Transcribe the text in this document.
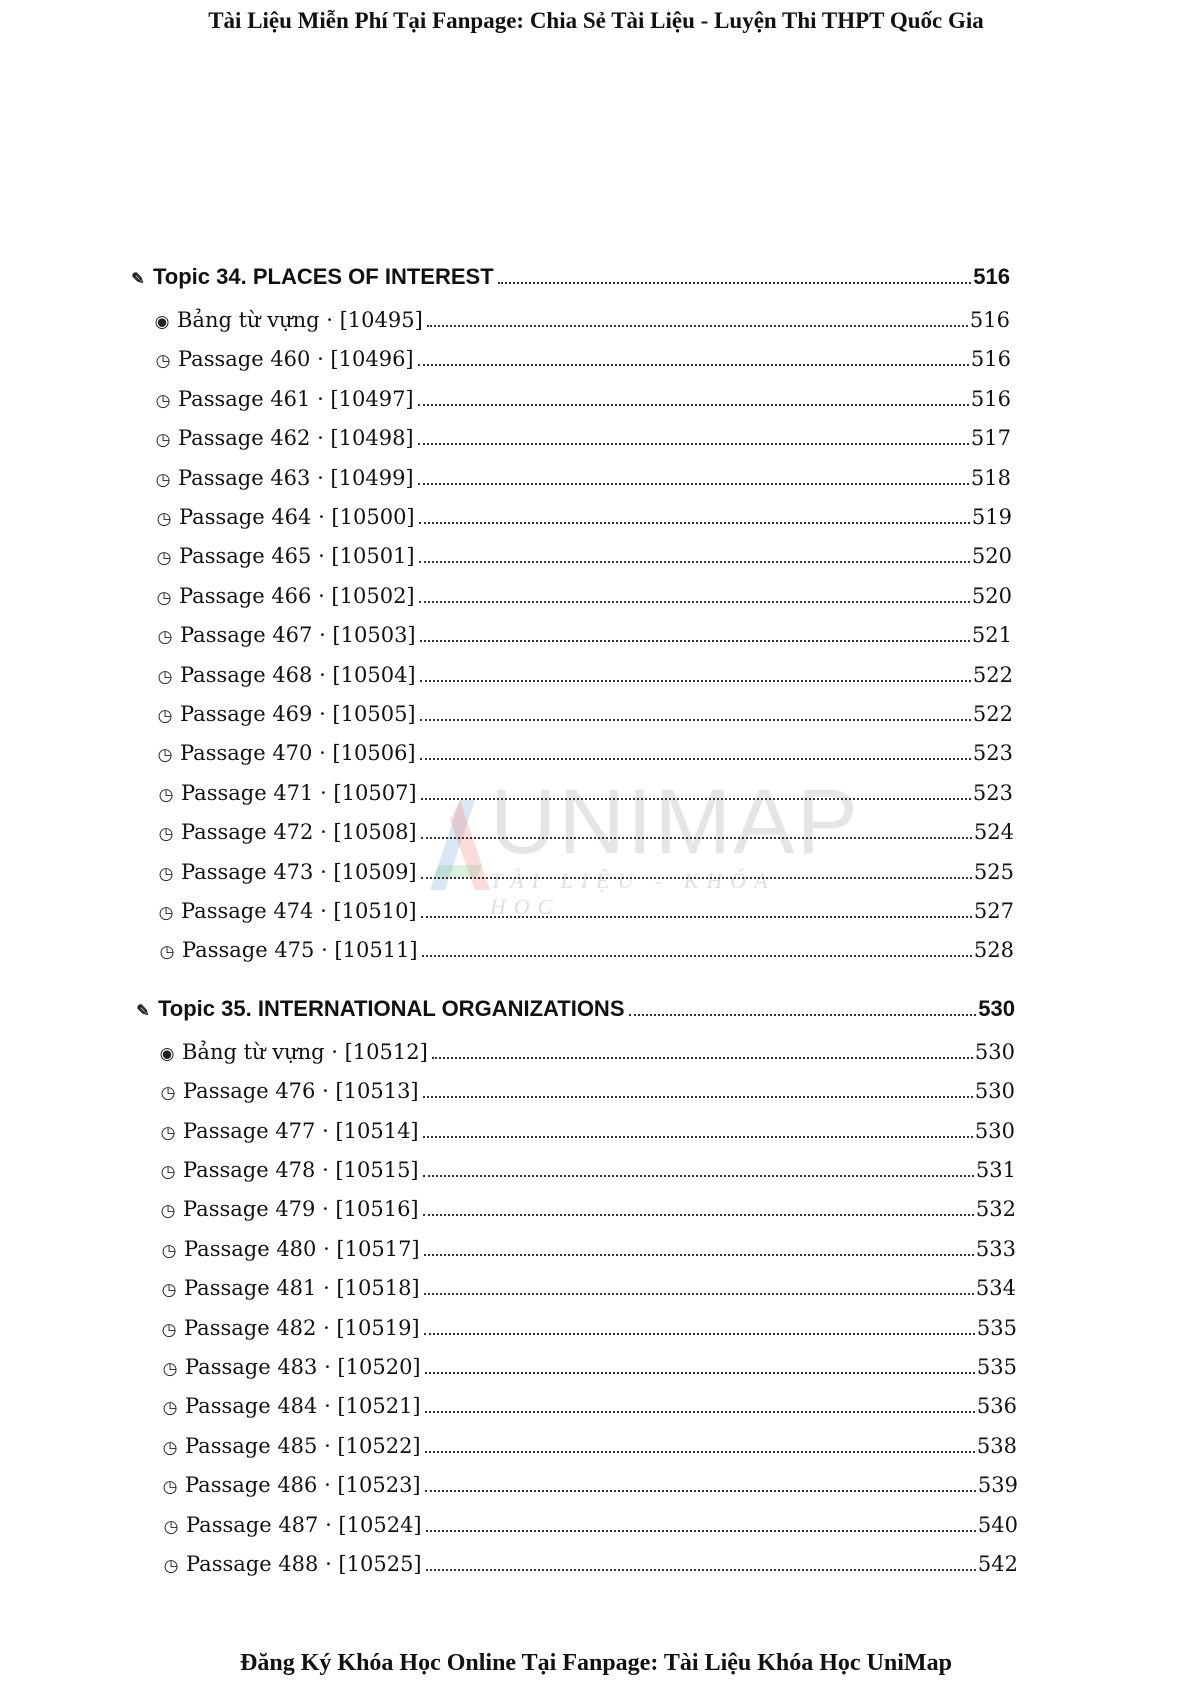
Tài Liệu Miễn Phí Tại Fanpage: Chia Sẻ Tài Liệu - Luyện Thi THPT Quốc Gia
UNIMAP
TÀI LIỆU - KHÓA HỌC
✎ Topic 34. PLACES OF INTEREST	516
◉ Bảng từ vựng · [10495]	516
◷ Passage 460 · [10496]	516
◷ Passage 461 · [10497]	516
◷ Passage 462 · [10498]	517
◷ Passage 463 · [10499]	518
◷ Passage 464 · [10500]	519
◷ Passage 465 · [10501]	520
◷ Passage 466 · [10502]	520
◷ Passage 467 · [10503]	521
◷ Passage 468 · [10504]	522
◷ Passage 469 · [10505]	522
◷ Passage 470 · [10506]	523
◷ Passage 471 · [10507]	523
◷ Passage 472 · [10508]	524
◷ Passage 473 · [10509]	525
◷ Passage 474 · [10510]	527
◷ Passage 475 · [10511]	528
✎ Topic 35. INTERNATIONAL ORGANIZATIONS	530
◉ Bảng từ vựng · [10512]	530
◷ Passage 476 · [10513]	530
◷ Passage 477 · [10514]	530
◷ Passage 478 · [10515]	531
◷ Passage 479 · [10516]	532
◷ Passage 480 · [10517]	533
◷ Passage 481 · [10518]	534
◷ Passage 482 · [10519]	535
◷ Passage 483 · [10520]	535
◷ Passage 484 · [10521]	536
◷ Passage 485 · [10522]	538
◷ Passage 486 · [10523]	539
◷ Passage 487 · [10524]	540
◷ Passage 488 · [10525]	542
Đăng Ký Khóa Học Online Tại Fanpage: Tài Liệu Khóa Học UniMap
